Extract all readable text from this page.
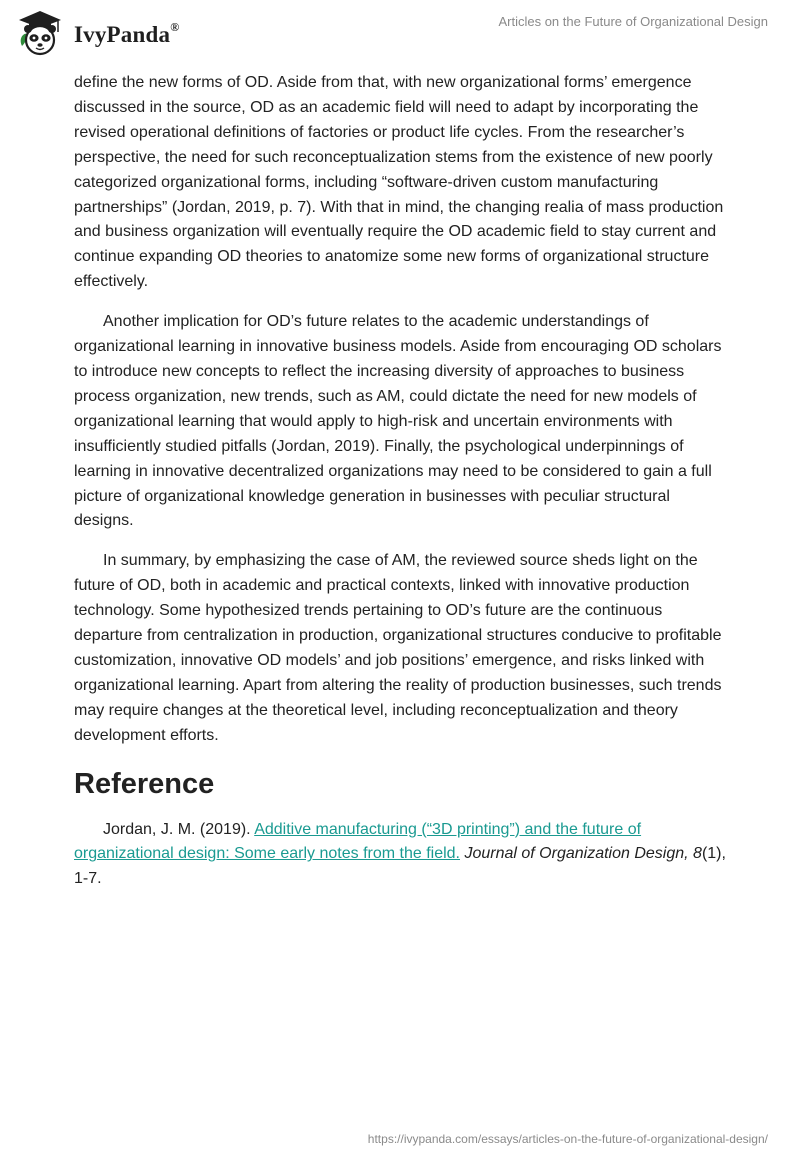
IvyPanda®	Articles on the Future of Organizational Design

define the new forms of OD. Aside from that, with new organizational forms’ emergence discussed in the source, OD as an academic field will need to adapt by incorporating the revised operational definitions of factories or product life cycles. From the researcher’s perspective, the need for such reconceptualization stems from the existence of new poorly categorized organizational forms, including “software-driven custom manufacturing partnerships” (Jordan, 2019, p. 7). With that in mind, the changing realia of mass production and business organization will eventually require the OD academic field to stay current and continue expanding OD theories to anatomize some new forms of organizational structure effectively.

Another implication for OD’s future relates to the academic understandings of organizational learning in innovative business models. Aside from encouraging OD scholars to introduce new concepts to reflect the increasing diversity of approaches to business process organization, new trends, such as AM, could dictate the need for new models of organizational learning that would apply to high-risk and uncertain environments with insufficiently studied pitfalls (Jordan, 2019). Finally, the psychological underpinnings of learning in innovative decentralized organizations may need to be considered to gain a full picture of organizational knowledge generation in businesses with peculiar structural designs.

In summary, by emphasizing the case of AM, the reviewed source sheds light on the future of OD, both in academic and practical contexts, linked with innovative production technology. Some hypothesized trends pertaining to OD’s future are the continuous departure from centralization in production, organizational structures conducive to profitable customization, innovative OD models’ and job positions’ emergence, and risks linked with organizational learning. Apart from altering the reality of production businesses, such trends may require changes at the theoretical level, including reconceptualization and theory development efforts.

Reference

Jordan, J. M. (2019). Additive manufacturing (“3D printing”) and the future of organizational design: Some early notes from the field. Journal of Organization Design, 8(1), 1-7.

https://ivypanda.com/essays/articles-on-the-future-of-organizational-design/
